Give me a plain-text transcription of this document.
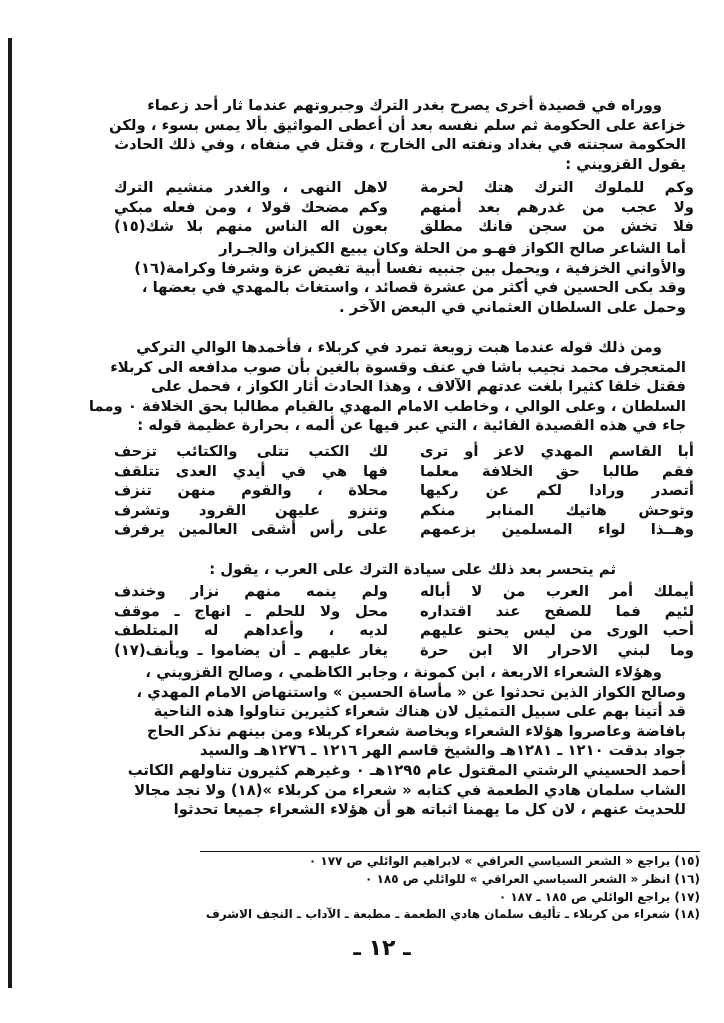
ووراه في قصيدة أخرى يصرح بغدر الترك وجبروتهم عندما ثار أحد زعماء

خزاعة على الحكومة ثم سلم نفسه بعد أن أعطى المواثيق بألا يمس بسوء ، ولكن

الحكومة سجنته في بغداد ونفته الى الخارج ، وقتل في منفاه ، وفي ذلك الحادث

يقول القزويني :

وكم للملوك الترك هتك لحرمة
لاهل النهى ، والغدر منشيم الترك
ولا عجب من غدرهم بعد أمنهم
وكم مضحك قولا ، ومن فعله مبكي
فلا تخش من سجن فانك مطلق
بعون اله الناس منهم بلا شك(١٥)

أما الشاعر صالح الكواز فهـو من الحلة وكان يبيع الكيزان والجـرار

والأواني الخزفية ، ويحمل بين جنبيه نفسا أبية تفيض عزة وشرفا وكرامة(١٦)

وقد بكى الحسين في أكثر من عشرة قصائد ، واستغاث بالمهدي في بعضها ،

وحمل على السلطان العثماني في البعض الآخر .

ومن ذلك قوله عندما هبت زوبعة تمرد في كربلاء ، فأخمدها الوالي التركي

المتعجرف محمد نجيب باشا في عنف وقسوة بالغين بأن صوب مدافعه الى كربلاء

فقتل خلقا كثيرا بلغت عدتهم الآلاف ، وهذا الحادث أثار الكواز ، فحمل على

السلطان ، وعلى الوالي ، وخاطب الامام المهدي بالقيام مطالبا بحق الخلافة ٠ ومما

جاء في هذه القصيدة الفائية ، التي عبر فيها عن ألمه ، بحرارة عظيمة قوله :

أبا القاسم المهدي لاعز أو ترى
لك الكتب تتلى والكتائب تزحف
فقم طالبا حق الخلافة معلما
فها هي في أيدي العدى تتلقف
أتصدر ورادا لكم عن ركيها
محلاة ، والقوم منهن تنزف
وتوحش هاتيك المنابر منكم
وتنزو عليهن القرود وتشرف
وهــذا لواء المسلمين بزعمهم
على رأس أشقى العالمين يرفرف

ثم يتحسر بعد ذلك على سيادة الترك على العرب ، يقول :

أيملك أمر العرب من لا أباله
ولم ينمه منهم نزار وخندف
لئيم فما للصفح عند اقتداره
محل ولا للحلم ـ انهاج ـ موقف
أحب الورى من ليس يحنو عليهم
لديه ، وأعداهم له المتلطف
وما لبني الاحرار الا ابن حرة
يغار عليهم ـ أن يضاموا ـ ويأنف(١٧)

وهؤلاء الشعراء الاربعة ، ابن كمونة ، وجابر الكاظمي ، وصالح القزويني ،

وصالح الكواز الذين تحدثوا عن « مأساة الحسين » واستنهاض الامام المهدي ،

قد أتينا بهم على سبيل التمثيل لان هناك شعراء كثيرين تناولوا هذه الناحية

بافاضة وعاصروا هؤلاء الشعراء وبخاصة شعراء كربلاء ومن بينهم نذكر الحاج

جواد بدقت ١٢١٠ ـ ١٢٨١هـ والشيخ قاسم الهر ١٢١٦ ـ ١٢٧٦هـ والسيد

أحمد الحسيني الرشتي المقتول عام ١٢٩٥هـ ٠ وغيرهم كثيرون تناولهم الكاتب

الشاب سلمان هادي الطعمة في كتابه « شعراء من كربلاء »(١٨) ولا نجد مجالا

للحديث عنهم ، لان كل ما يهمنا اثباته هو أن هؤلاء الشعراء جميعا تحدثوا

(١٥) يراجع « الشعر السياسي العراقي » لابراهيم الوائلي ص ١٧٧ ٠

(١٦) انظر « الشعر السياسي العراقي » للوائلي ص ١٨٥ ٠

(١٧) يراجع الوائلي ص ١٨٥ ـ ١٨٧ ٠

(١٨) شعراء من كربلاء ـ تأليف سلمان هادي الطعمة ـ مطبعة ـ الآداب ـ النجف الاشرف

ـ ١٢ ـ
